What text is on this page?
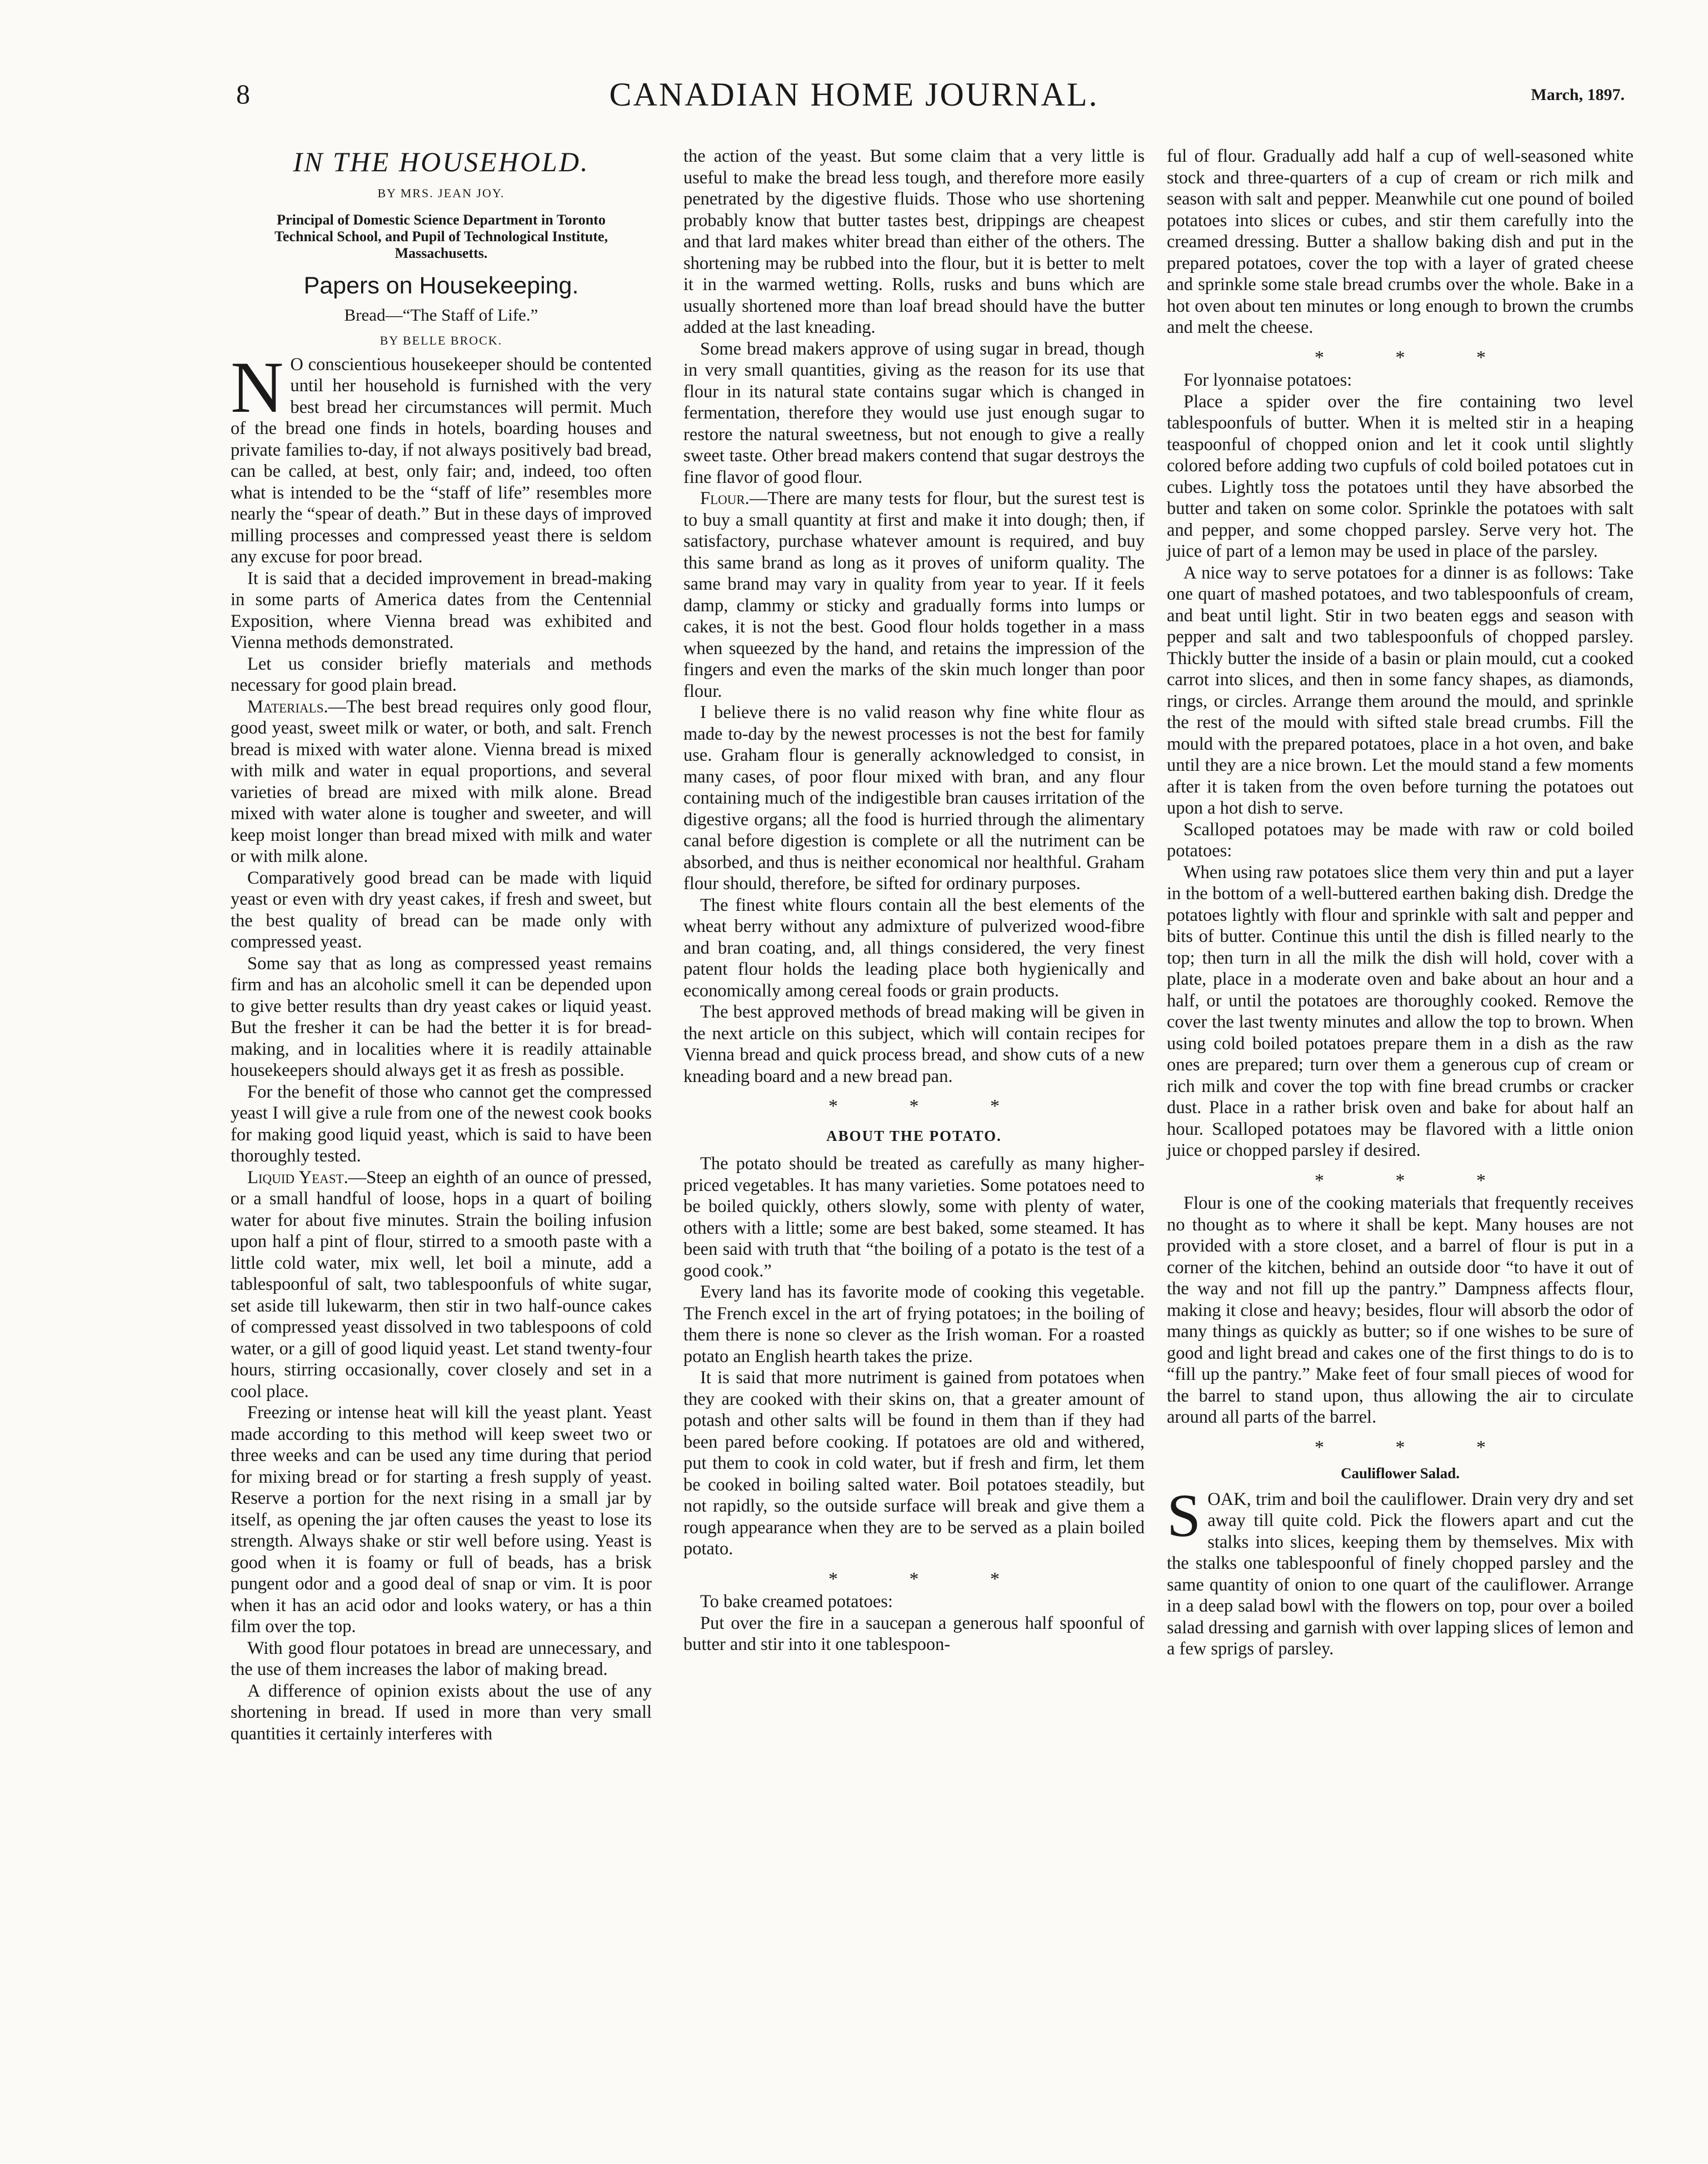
8	CANADIAN HOME JOURNAL.	March, 1897.
IN THE HOUSEHOLD.
BY MRS. JEAN JOY.
Principal of Domestic Science Department in Toronto Technical School, and Pupil of Technological Institute, Massachusetts.
Papers on Housekeeping.
Bread—“The Staff of Life.”
BY BELLE BROCK.

N O conscientious housekeeper should be contented until her household is furnished with the very best bread her circumstances will permit. Much of the bread one finds in hotels, boarding houses and private families to-day, if not always positively bad bread, can be called, at best, only fair; and, indeed, too often what is intended to be the “staff of life” resembles more nearly the “spear of death.” But in these days of improved milling processes and compressed yeast there is seldom any excuse for poor bread.

It is said that a decided improvement in bread-making in some parts of America dates from the Centennial Exposition, where Vienna bread was exhibited and Vienna methods demonstrated.

Let us consider briefly materials and methods necessary for good plain bread.

Materials.—The best bread requires only good flour, good yeast, sweet milk or water, or both, and salt. French bread is mixed with water alone. Vienna bread is mixed with milk and water in equal proportions, and several varieties of bread are mixed with milk alone. Bread mixed with water alone is tougher and sweeter, and will keep moist longer than bread mixed with milk and water or with milk alone.

Comparatively good bread can be made with liquid yeast or even with dry yeast cakes, if fresh and sweet, but the best quality of bread can be made only with compressed yeast.

Some say that as long as compressed yeast remains firm and has an alcoholic smell it can be depended upon to give better results than dry yeast cakes or liquid yeast. But the fresher it can be had the better it is for bread-making, and in localities where it is readily attainable housekeepers should always get it as fresh as possible.

For the benefit of those who cannot get the compressed yeast I will give a rule from one of the newest cook books for making good liquid yeast, which is said to have been thoroughly tested.

Liquid Yeast.—Steep an eighth of an ounce of pressed, or a small handful of loose, hops in a quart of boiling water for about five minutes. Strain the boiling infusion upon half a pint of flour, stirred to a smooth paste with a little cold water, mix well, let boil a minute, add a tablespoonful of salt, two tablespoonfuls of white sugar, set aside till lukewarm, then stir in two half-ounce cakes of compressed yeast dissolved in two tablespoons of cold water, or a gill of good liquid yeast. Let stand twenty-four hours, stirring occasionally, cover closely and set in a cool place.

Freezing or intense heat will kill the yeast plant. Yeast made according to this method will keep sweet two or three weeks and can be used any time during that period for mixing bread or for starting a fresh supply of yeast. Reserve a portion for the next rising in a small jar by itself, as opening the jar often causes the yeast to lose its strength. Always shake or stir well before using. Yeast is good when it is foamy or full of beads, has a brisk pungent odor and a good deal of snap or vim. It is poor when it has an acid odor and looks watery, or has a thin film over the top.

With good flour potatoes in bread are unnecessary, and the use of them increases the labor of making bread.

A difference of opinion exists about the use of any shortening in bread. If used in more than very small quantities it certainly interferes with

the action of the yeast. But some claim that a very little is useful to make the bread less tough, and therefore more easily penetrated by the digestive fluids. Those who use shortening probably know that butter tastes best, drippings are cheapest and that lard makes whiter bread than either of the others. The shortening may be rubbed into the flour, but it is better to melt it in the warmed wetting. Rolls, rusks and buns which are usually shortened more than loaf bread should have the butter added at the last kneading.

Some bread makers approve of using sugar in bread, though in very small quantities, giving as the reason for its use that flour in its natural state contains sugar which is changed in fermentation, therefore they would use just enough sugar to restore the natural sweetness, but not enough to give a really sweet taste. Other bread makers contend that sugar destroys the fine flavor of good flour.

Flour.—There are many tests for flour, but the surest test is to buy a small quantity at first and make it into dough; then, if satisfactory, purchase whatever amount is required, and buy this same brand as long as it proves of uniform quality. The same brand may vary in quality from year to year. If it feels damp, clammy or sticky and gradually forms into lumps or cakes, it is not the best. Good flour holds together in a mass when squeezed by the hand, and retains the impression of the fingers and even the marks of the skin much longer than poor flour.

I believe there is no valid reason why fine white flour as made to-day by the newest processes is not the best for family use. Graham flour is generally acknowledged to consist, in many cases, of poor flour mixed with bran, and any flour containing much of the indigestible bran causes irritation of the digestive organs; all the food is hurried through the alimentary canal before digestion is complete or all the nutriment can be absorbed, and thus is neither economical nor healthful. Graham flour should, therefore, be sifted for ordinary purposes.

The finest white flours contain all the best elements of the wheat berry without any admixture of pulverized wood-fibre and bran coating, and, all things considered, the very finest patent flour holds the leading place both hygienically and economically among cereal foods or grain products.

The best approved methods of bread making will be given in the next article on this subject, which will contain recipes for Vienna bread and quick process bread, and show cuts of a new kneading board and a new bread pan.

* * *
ABOUT THE POTATO.

The potato should be treated as carefully as many higher-priced vegetables. It has many varieties. Some potatoes need to be boiled quickly, others slowly, some with plenty of water, others with a little; some are best baked, some steamed. It has been said with truth that “the boiling of a potato is the test of a good cook.”

Every land has its favorite mode of cooking this vegetable. The French excel in the art of frying potatoes; in the boiling of them there is none so clever as the Irish woman. For a roasted potato an English hearth takes the prize.

It is said that more nutriment is gained from potatoes when they are cooked with their skins on, that a greater amount of potash and other salts will be found in them than if they had been pared before cooking. If potatoes are old and withered, put them to cook in cold water, but if fresh and firm, let them be cooked in boiling salted water. Boil potatoes steadily, but not rapidly, so the outside surface will break and give them a rough appearance when they are to be served as a plain boiled potato.

* * *

To bake creamed potatoes:

Put over the fire in a saucepan a generous half spoonful of butter and stir into it one tablespoon-

ful of flour. Gradually add half a cup of well-seasoned white stock and three-quarters of a cup of cream or rich milk and season with salt and pepper. Meanwhile cut one pound of boiled potatoes into slices or cubes, and stir them carefully into the creamed dressing. Butter a shallow baking dish and put in the prepared potatoes, cover the top with a layer of grated cheese and sprinkle some stale bread crumbs over the whole. Bake in a hot oven about ten minutes or long enough to brown the crumbs and melt the cheese.

* * *

For lyonnaise potatoes:

Place a spider over the fire containing two level tablespoonfuls of butter. When it is melted stir in a heaping teaspoonful of chopped onion and let it cook until slightly colored before adding two cupfuls of cold boiled potatoes cut in cubes. Lightly toss the potatoes until they have absorbed the butter and taken on some color. Sprinkle the potatoes with salt and pepper, and some chopped parsley. Serve very hot. The juice of part of a lemon may be used in place of the parsley.

A nice way to serve potatoes for a dinner is as follows: Take one quart of mashed potatoes, and two tablespoonfuls of cream, and beat until light. Stir in two beaten eggs and season with pepper and salt and two tablespoonfuls of chopped parsley. Thickly butter the inside of a basin or plain mould, cut a cooked carrot into slices, and then in some fancy shapes, as diamonds, rings, or circles. Arrange them around the mould, and sprinkle the rest of the mould with sifted stale bread crumbs. Fill the mould with the prepared potatoes, place in a hot oven, and bake until they are a nice brown. Let the mould stand a few moments after it is taken from the oven before turning the potatoes out upon a hot dish to serve.

Scalloped potatoes may be made with raw or cold boiled potatoes:

When using raw potatoes slice them very thin and put a layer in the bottom of a well-buttered earthen baking dish. Dredge the potatoes lightly with flour and sprinkle with salt and pepper and bits of butter. Continue this until the dish is filled nearly to the top; then turn in all the milk the dish will hold, cover with a plate, place in a moderate oven and bake about an hour and a half, or until the potatoes are thoroughly cooked. Remove the cover the last twenty minutes and allow the top to brown. When using cold boiled potatoes prepare them in a dish as the raw ones are prepared; turn over them a generous cup of cream or rich milk and cover the top with fine bread crumbs or cracker dust. Place in a rather brisk oven and bake for about half an hour. Scalloped potatoes may be flavored with a little onion juice or chopped parsley if desired.

* * *

Flour is one of the cooking materials that frequently receives no thought as to where it shall be kept. Many houses are not provided with a store closet, and a barrel of flour is put in a corner of the kitchen, behind an outside door “to have it out of the way and not fill up the pantry.” Dampness affects flour, making it close and heavy; besides, flour will absorb the odor of many things as quickly as butter; so if one wishes to be sure of good and light bread and cakes one of the first things to do is to “fill up the pantry.” Make feet of four small pieces of wood for the barrel to stand upon, thus allowing the air to circulate around all parts of the barrel.

* * *
Cauliflower Salad.

SOAK, trim and boil the cauliflower. Drain very dry and set away till quite cold. Pick the flowers apart and cut the stalks into slices, keeping them by themselves. Mix with the stalks one tablespoonful of finely chopped parsley and the same quantity of onion to one quart of the cauliflower. Arrange in a deep salad bowl with the flowers on top, pour over a boiled salad dressing and garnish with over lapping slices of lemon and a few sprigs of parsley.
